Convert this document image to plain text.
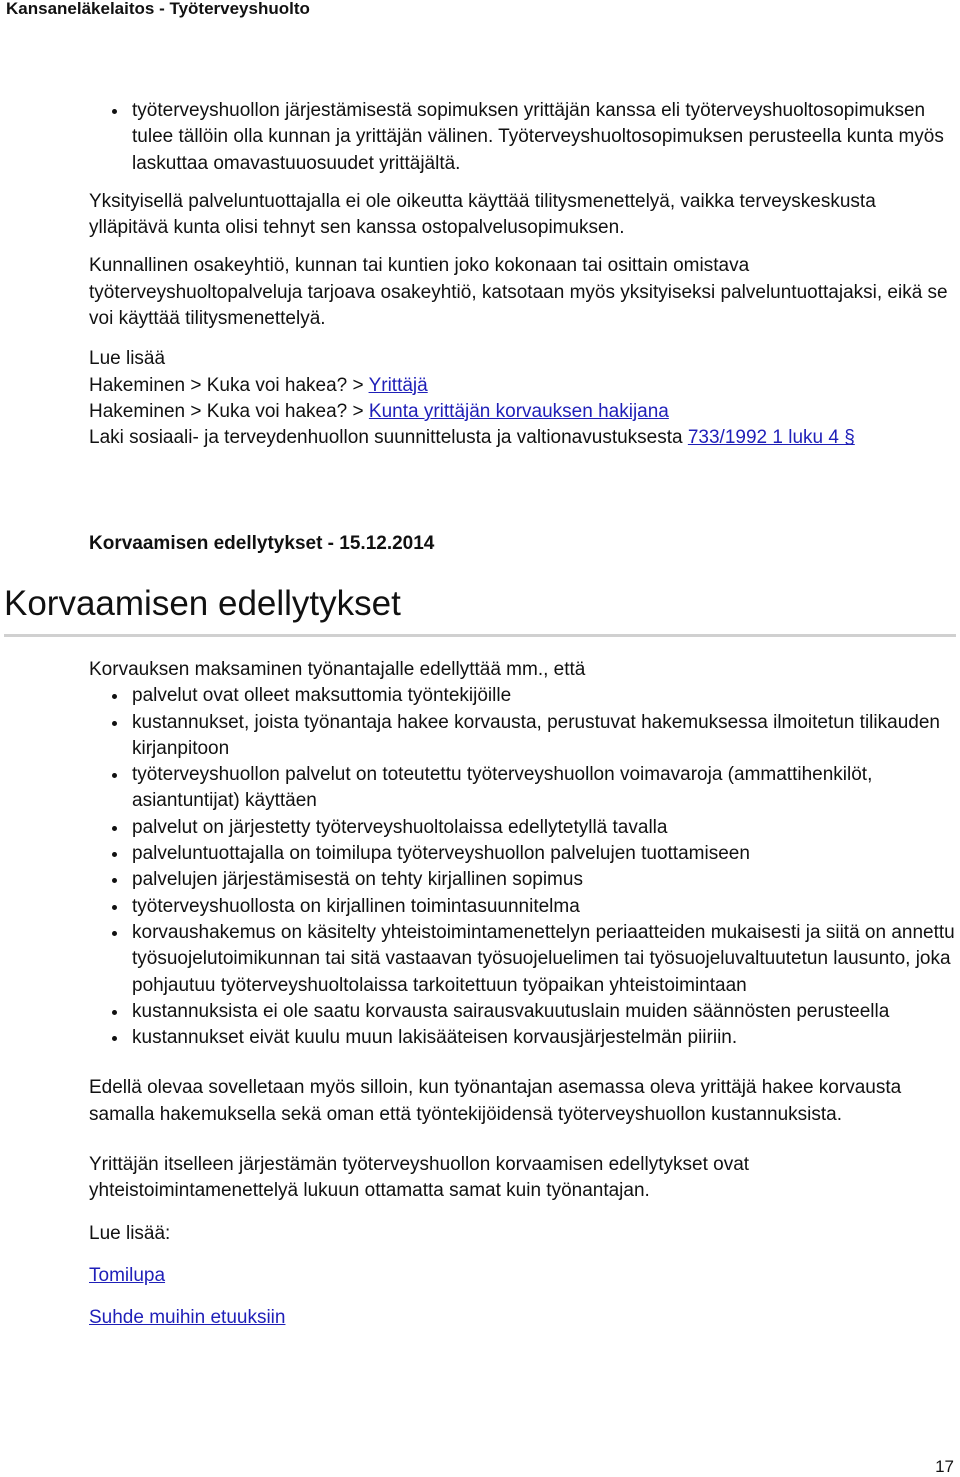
Kansaneläkelaitos - Työterveyshuolto
työterveyshuollon järjestämisestä sopimuksen yrittäjän kanssa eli työterveyshuoltosopimuksen tulee tällöin olla kunnan ja yrittäjän välinen. Työterveyshuoltosopimuksen perusteella kunta myös laskuttaa omavastuuosuudet yrittäjältä.

Yksityisellä palveluntuottajalla ei ole oikeutta käyttää tilitysmenettelyä, vaikka terveyskeskusta ylläpitävä kunta olisi tehnyt sen kanssa ostopalvelusopimuksen.

Kunnallinen osakeyhtiö, kunnan tai kuntien joko kokonaan tai osittain omistava työterveyshuoltopalveluja tarjoava osakeyhtiö, katsotaan myös yksityiseksi palveluntuottajaksi, eikä se voi käyttää tilitysmenettelyä.

Lue lisää

Hakeminen > Kuka voi hakea? > Yrittäjä

Hakeminen > Kuka voi hakea? > Kunta yrittäjän korvauksen hakijana

Laki sosiaali- ja terveydenhuollon suunnittelusta ja valtionavustuksesta 733/1992 1 luku 4 §

Korvaamisen edellytykset - 15.12.2014
Korvaamisen edellytykset

Korvauksen maksaminen työnantajalle edellyttää mm., että

palvelut ovat olleet maksuttomia työntekijöille
kustannukset, joista työnantaja hakee korvausta, perustuvat hakemuksessa ilmoitetun tilikauden kirjanpitoon
työterveyshuollon palvelut on toteutettu työterveyshuollon voimavaroja (ammattihenkilöt, asiantuntijat) käyttäen
palvelut on järjestetty työterveyshuoltolaissa edellytetyllä tavalla
palveluntuottajalla on toimilupa työterveyshuollon palvelujen tuottamiseen
palvelujen järjestämisestä on tehty kirjallinen sopimus
työterveyshuollosta on kirjallinen toimintasuunnitelma
korvaushakemus on käsitelty yhteistoimintamenettelyn periaatteiden mukaisesti ja siitä on annettu työsuojelutoimikunnan tai sitä vastaavan työsuojeluelimen tai työsuojeluvaltuutetun lausunto, joka pohjautuu työterveyshuoltolaissa tarkoitettuun työpaikan yhteistoimintaan
kustannuksista ei ole saatu korvausta sairausvakuutuslain muiden säännösten perusteella
kustannukset eivät kuulu muun lakisääteisen korvausjärjestelmän piiriin.

Edellä olevaa sovelletaan myös silloin, kun työnantajan asemassa oleva yrittäjä hakee korvausta samalla hakemuksella sekä oman että työntekijöidensä työterveyshuollon kustannuksista.

Yrittäjän itselleen järjestämän työterveyshuollon korvaamisen edellytykset ovat yhteistoimintamenettelyä lukuun ottamatta samat kuin työnantajan.

Lue lisää:

Tomilupa

Suhde muihin etuuksiin

17
